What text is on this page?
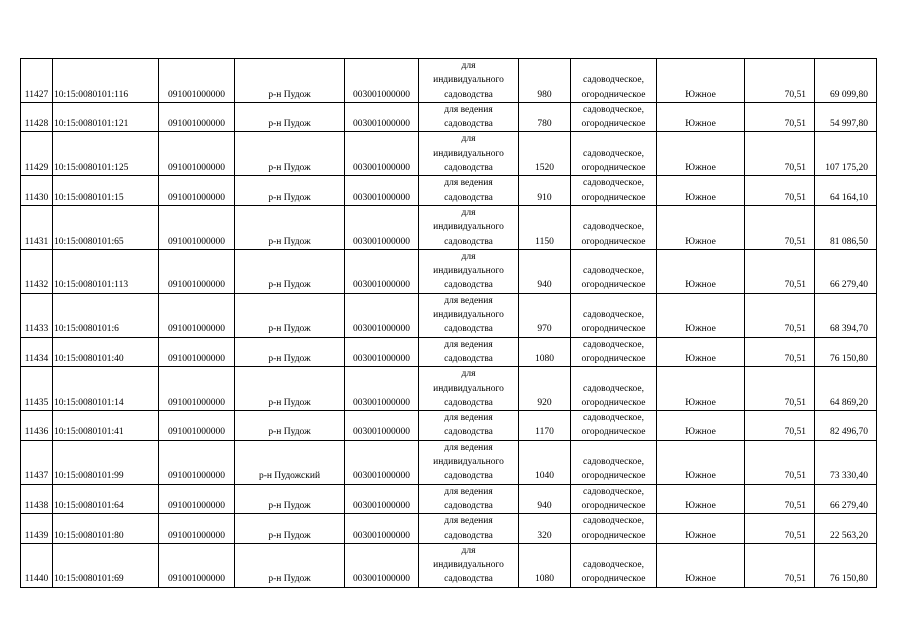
11427	10:15:0080101:116	091001000000	р-н Пудож	003001000000	для
индивидуального
садоводства	980	садоводческое,
огородническое	Южное	70,51	69 099,80
11428	10:15:0080101:121	091001000000	р-н Пудож	003001000000	для ведения
садоводства	780	садоводческое,
огородническое	Южное	70,51	54 997,80
11429	10:15:0080101:125	091001000000	р-н Пудож	003001000000	для
индивидуального
садоводства	1520	садоводческое,
огородническое	Южное	70,51	107 175,20
11430	10:15:0080101:15	091001000000	р-н Пудож	003001000000	для ведения
садоводства	910	садоводческое,
огородническое	Южное	70,51	64 164,10
11431	10:15:0080101:65	091001000000	р-н Пудож	003001000000	для
индивидуального
садоводства	1150	садоводческое,
огородническое	Южное	70,51	81 086,50
11432	10:15:0080101:113	091001000000	р-н Пудож	003001000000	для
индивидуального
садоводства	940	садоводческое,
огородническое	Южное	70,51	66 279,40
11433	10:15:0080101:6	091001000000	р-н Пудож	003001000000	для ведения
индивидуального
садоводства	970	садоводческое,
огородническое	Южное	70,51	68 394,70
11434	10:15:0080101:40	091001000000	р-н Пудож	003001000000	для ведения
садоводства	1080	садоводческое,
огородническое	Южное	70,51	76 150,80
11435	10:15:0080101:14	091001000000	р-н Пудож	003001000000	для
индивидуального
садоводства	920	садоводческое,
огородническое	Южное	70,51	64 869,20
11436	10:15:0080101:41	091001000000	р-н Пудож	003001000000	для ведения
садоводства	1170	садоводческое,
огородническое	Южное	70,51	82 496,70
11437	10:15:0080101:99	091001000000	р-н Пудожский	003001000000	для ведения
индивидуального
садоводства	1040	садоводческое,
огородническое	Южное	70,51	73 330,40
11438	10:15:0080101:64	091001000000	р-н Пудож	003001000000	для ведения
садоводства	940	садоводческое,
огородническое	Южное	70,51	66 279,40
11439	10:15:0080101:80	091001000000	р-н Пудож	003001000000	для ведения
садоводства	320	садоводческое,
огородническое	Южное	70,51	22 563,20
11440	10:15:0080101:69	091001000000	р-н Пудож	003001000000	для
индивидуального
садоводства	1080	садоводческое,
огородническое	Южное	70,51	76 150,80
